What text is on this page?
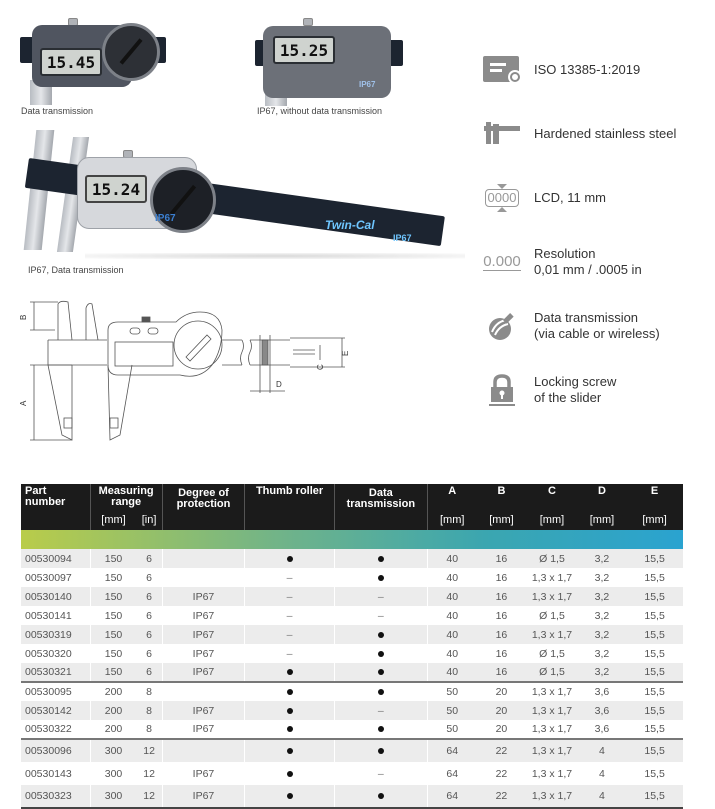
15.45
Data transmission
15.25
IP67
IP67, without data transmission
15.24
IP67	Twin-Cal
IP67
IP67, Data transmission
B
A
C
D
E
ISO 13385-1:2019
Hardened stainless steel
0000 LCD, 11 mm
0.000 Resolution
0,01 mm / .0005 in
Data transmission
(via cable or wireless)
Locking screw
of the slider
Part number	Measuring range		Degree of protection	Thumb roller	Data transmission	A	B	C	D	E
	[mm]	[in]				[mm]	[mm]	[mm]	[mm]	[mm]

00530094	150	6				40	16	Ø 1,5	3,2	15,5
00530097	150	6		–		40	16	1,3 x 1,7	3,2	15,5
00530140	150	6	IP67	–	–	40	16	1,3 x 1,7	3,2	15,5
00530141	150	6	IP67	–	–	40	16	Ø 1,5	3,2	15,5
00530319	150	6	IP67	–		40	16	1,3 x 1,7	3,2	15,5
00530320	150	6	IP67	–		40	16	Ø 1,5	3,2	15,5
00530321	150	6	IP67			40	16	Ø 1,5	3,2	15,5
00530095	200	8				50	20	1,3 x 1,7	3,6	15,5
00530142	200	8	IP67		–	50	20	1,3 x 1,7	3,6	15,5
00530322	200	8	IP67			50	20	1,3 x 1,7	3,6	15,5
00530096	300	12				64	22	1,3 x 1,7	4	15,5
00530143	300	12	IP67		–	64	22	1,3 x 1,7	4	15,5
00530323	300	12	IP67			64	22	1,3 x 1,7	4	15,5
